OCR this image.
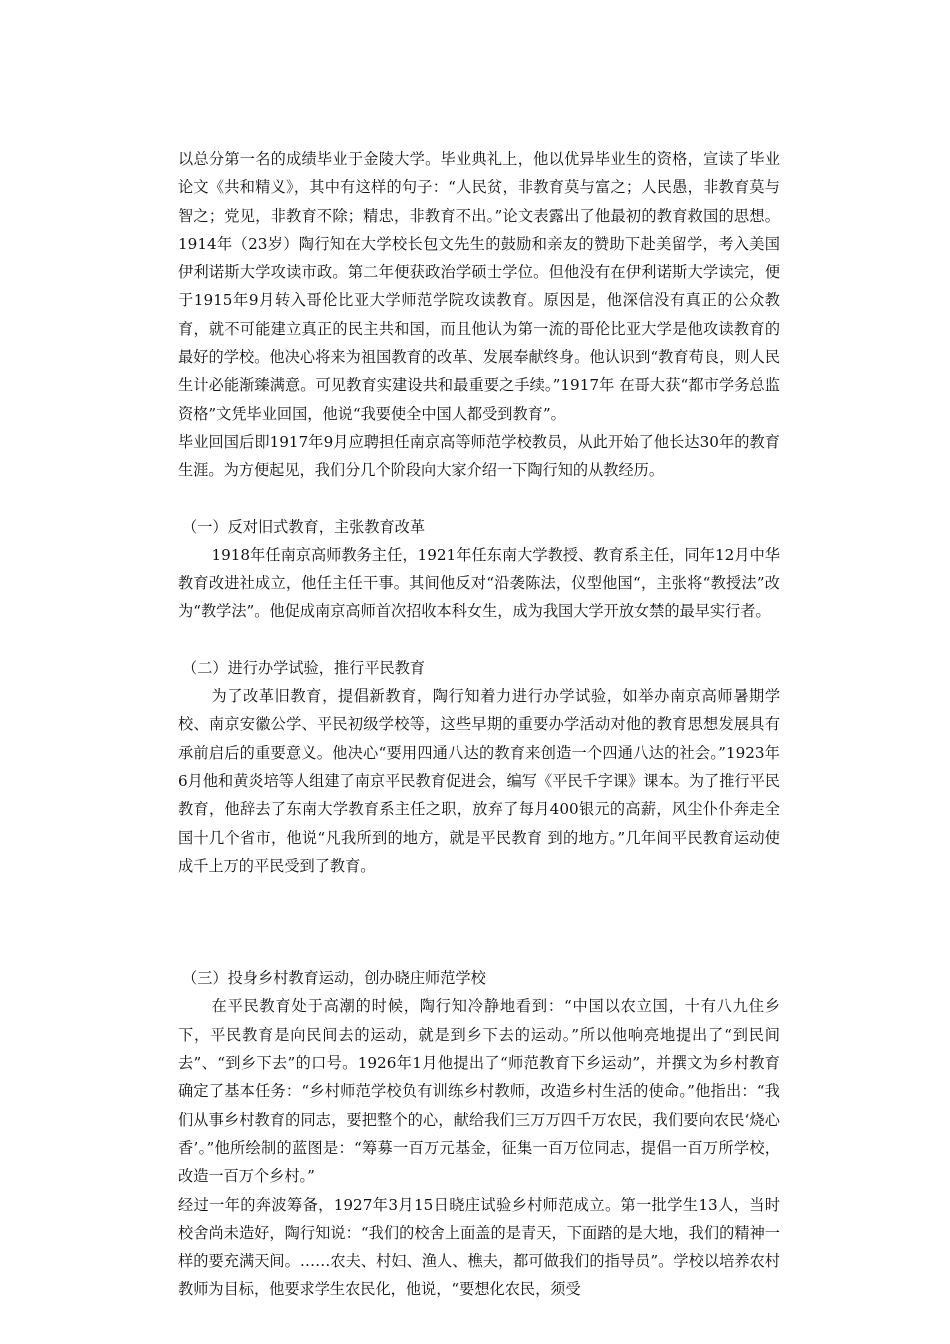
以总分第一名的成绩毕业于金陵大学。毕业典礼上，他以优异毕业生的资格，宣读了毕业论文《共和精义》，其中有这样的句子：“人民贫，非教育莫与富之；人民愚，非教育莫与智之；党见，非教育不除；精忠，非教育不出。”论文表露出了他最初的教育救国的思想。1914年（23岁）陶行知在大学校长包文先生的鼓励和亲友的赞助下赴美留学，考入美国伊利诺斯大学攻读市政。第二年便获政治学硕士学位。但他没有在伊利诺斯大学读完，便于1915年9月转入哥伦比亚大学师范学院攻读教育。原因是，他深信没有真正的公众教育，就不可能建立真正的民主共和国，而且他认为第一流的哥伦比亚大学是他攻读教育的最好的学校。他决心将来为祖国教育的改革、发展奉献终身。他认识到“教育苟良，则人民生计必能渐臻满意。可见教育实建设共和最重要之手续。”1917年 在哥大获“都市学务总监资格”文凭毕业回国，他说“我要使全中国人都受到教育”。

毕业回国后即1917年9月应聘担任南京高等师范学校教员，从此开始了他长达30年的教育生涯。为方便起见，我们分几个阶段向大家介绍一下陶行知的从教经历。

（一）反对旧式教育，主张教育改革

1918年任南京高师教务主任，1921年任东南大学教授、教育系主任，同年12月中华教育改进社成立，他任主任干事。其间他反对“沿袭陈法，仪型他国“，主张将“教授法”改为“教学法”。他促成南京高师首次招收本科女生，成为我国大学开放女禁的最早实行者。

（二）进行办学试验，推行平民教育

为了改革旧教育，提倡新教育，陶行知着力进行办学试验，如举办南京高师暑期学校、南京安徽公学、平民初级学校等，这些早期的重要办学活动对他的教育思想发展具有承前启后的重要意义。他决心“要用四通八达的教育来创造一个四通八达的社会。”1923年6月他和黄炎培等人组建了南京平民教育促进会，编写《平民千字课》课本。为了推行平民教育，他辞去了东南大学教育系主任之职，放弃了每月400银元的高薪，风尘仆仆奔走全国十几个省市，他说“凡我所到的地方，就是平民教育 到的地方。”几年间平民教育运动使成千上万的平民受到了教育。

（三）投身乡村教育运动，创办晓庄师范学校

在平民教育处于高潮的时候，陶行知冷静地看到：“中国以农立国，十有八九住乡下，平民教育是向民间去的运动，就是到乡下去的运动。”所以他响亮地提出了“到民间去”、“到乡下去”的口号。1926年1月他提出了“师范教育下乡运动”，并撰文为乡村教育确定了基本任务：“乡村师范学校负有训练乡村教师，改造乡村生活的使命。”他指出：“我们从事乡村教育的同志，要把整个的心，献给我们三万万四千万农民，我们要向农民‘烧心香’。”他所绘制的蓝图是：“筹募一百万元基金，征集一百万位同志，提倡一百万所学校，改造一百万个乡村。”

经过一年的奔波筹备，1927年3月15日晓庄试验乡村师范成立。第一批学生13人，当时校舍尚未造好，陶行知说：“我们的校舍上面盖的是青天，下面踏的是大地，我们的精神一样的要充满天间。……农夫、村妇、渔人、樵夫，都可做我们的指导员”。学校以培养农村教师为目标，他要求学生农民化，他说，“要想化农民，须受
